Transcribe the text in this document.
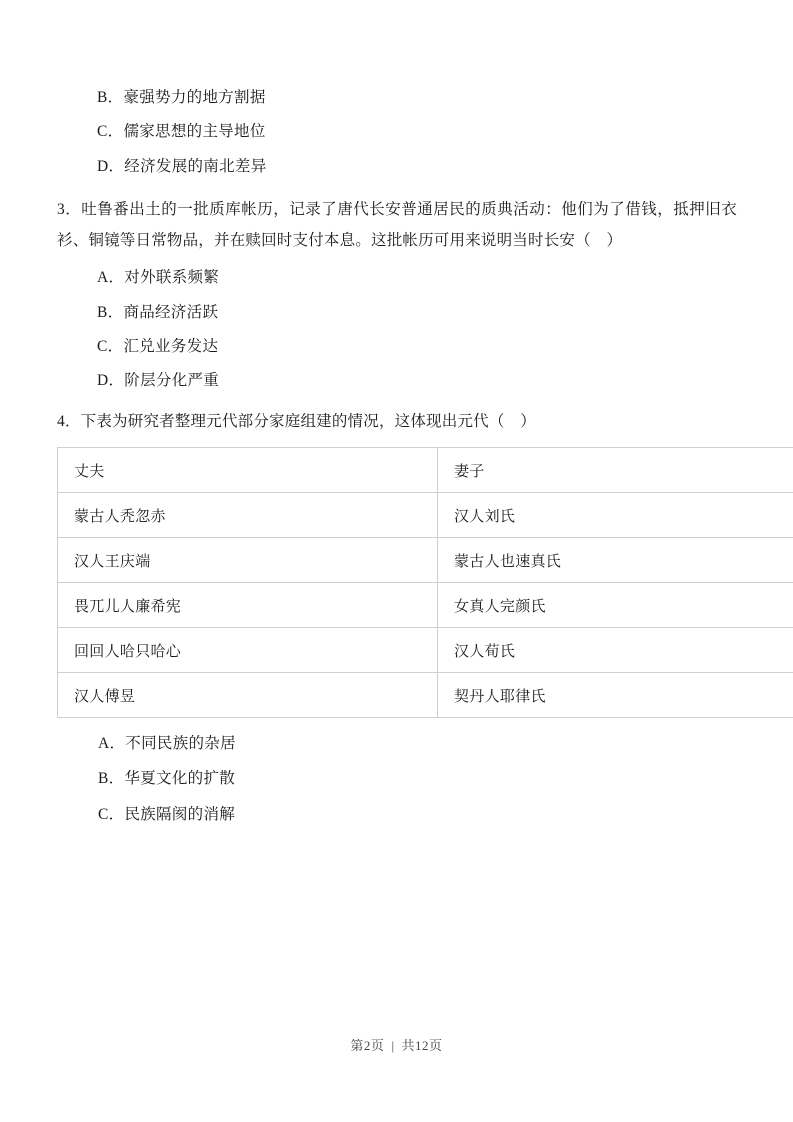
B．豪强势力的地方割据
C．儒家思想的主导地位
D．经济发展的南北差异
3．吐鲁番出土的一批质库帐历，记录了唐代长安普通居民的质典活动：他们为了借钱，抵押旧衣衫、铜镜等日常物品，并在赎回时支付本息。这批帐历可用来说明当时长安（　）
A．对外联系频繁
B．商品经济活跃
C．汇兑业务发达
D．阶层分化严重
4．下表为研究者整理元代部分家庭组建的情况，这体现出元代（　）
丈夫	妻子
蒙古人秃忽赤	汉人刘氏
汉人王庆端	蒙古人也速真氏
畏兀儿人廉希宪	女真人完颜氏
回回人哈只哈心	汉人荀氏
汉人傅昱	契丹人耶律氏
A．不同民族的杂居
B．华夏文化的扩散
C．民族隔阂的消解
第2页 | 共12页
